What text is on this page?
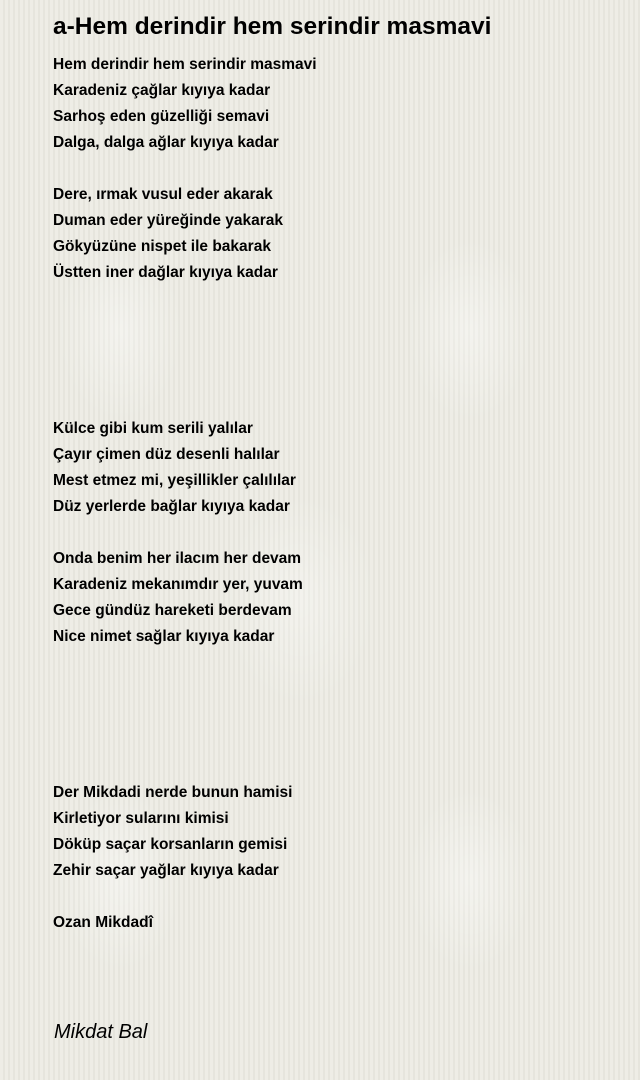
a-Hem derindir hem serindir masmavi
Hem derindir hem serindir masmavi
Karadeniz çağlar kıyıya kadar
Sarhoş eden güzelliği semavi
Dalga, dalga ağlar kıyıya kadar
Dere, ırmak vusul eder akarak
Duman eder yüreğinde yakarak
Gökyüzüne nispet ile bakarak
Üstten iner dağlar kıyıya kadar
Külce gibi kum serili yalılar
Çayır çimen düz desenli halılar
Mest etmez mi, yeşillikler çalılılar
Düz yerlerde bağlar kıyıya kadar
Onda benim her ilacım her devam
Karadeniz mekanımdır yer, yuvam
Gece gündüz hareketi berdevam
Nice nimet sağlar kıyıya kadar
Der Mikdadi nerde bunun hamisi
Kirletiyor sularını kimisi
Döküp saçar korsanların gemisi
Zehir saçar yağlar kıyıya kadar
Ozan Mikdadî
Mikdat Bal
